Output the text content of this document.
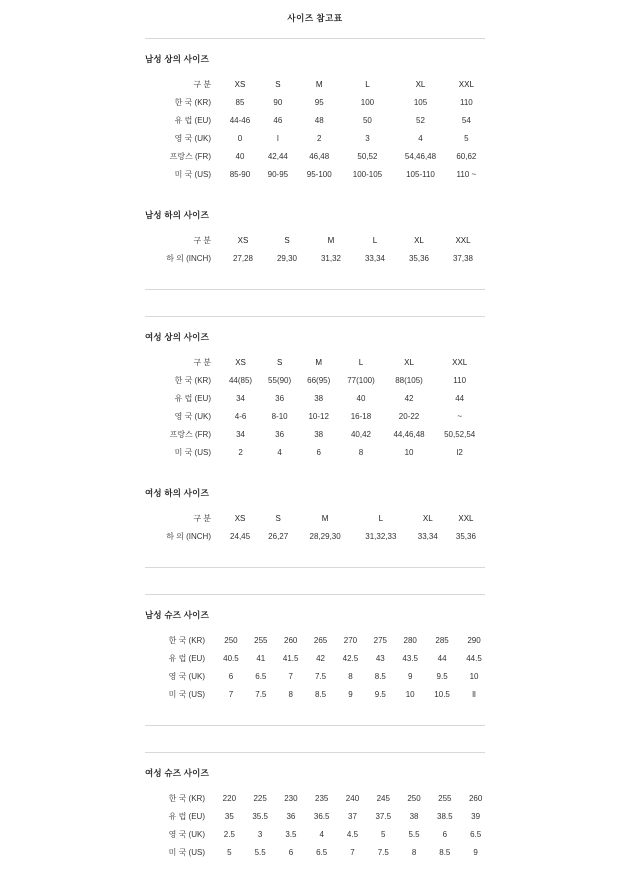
사이즈 참고표
남성 상의 사이즈
구 분	XS	S	M	L	XL	XXL
한 국 (KR)	85	90	95	100	105	110
유 럽 (EU)	44-46	46	48	50	52	54
영 국 (UK)	0	l	2	3	4	5
프랑스 (FR)	40	42,44	46,48	50,52	54,46,48	60,62
미 국 (US)	85-90	90-95	95-100	100-105	105-110	110 ~
남성 하의 사이즈
구 분	XS	S	M	L	XL	XXL
하 의 (INCH)	27,28	29,30	31,32	33,34	35,36	37,38
여성 상의 사이즈
구 분	XS	S	M	L	XL	XXL
한 국 (KR)	44(85)	55(90)	66(95)	77(100)	88(105)	110
유 럽 (EU)	34	36	38	40	42	44
영 국 (UK)	4-6	8-10	10-12	16-18	20-22	~
프랑스 (FR)	34	36	38	40,42	44,46,48	50,52,54
미 국 (US)	2	4	6	8	10	l2
여성 하의 사이즈
구 분	XS	S	M	L	XL	XXL
하 의 (INCH)	24,45	26,27	28,29,30	31,32,33	33,34	35,36
남성 슈즈 사이즈
한 국 (KR)	250	255	260	265	270	275	280	285	290
유 럽 (EU)	40.5	41	41.5	42	42.5	43	43.5	44	44.5
영 국 (UK)	6	6.5	7	7.5	8	8.5	9	9.5	10
미 국 (US)	7	7.5	8	8.5	9	9.5	10	10.5	ll
여성 슈즈 사이즈
한 국 (KR)	220	225	230	235	240	245	250	255	260
유 럽 (EU)	35	35.5	36	36.5	37	37.5	38	38.5	39
영 국 (UK)	2.5	3	3.5	4	4.5	5	5.5	6	6.5
미 국 (US)	5	5.5	6	6.5	7	7.5	8	8.5	9
